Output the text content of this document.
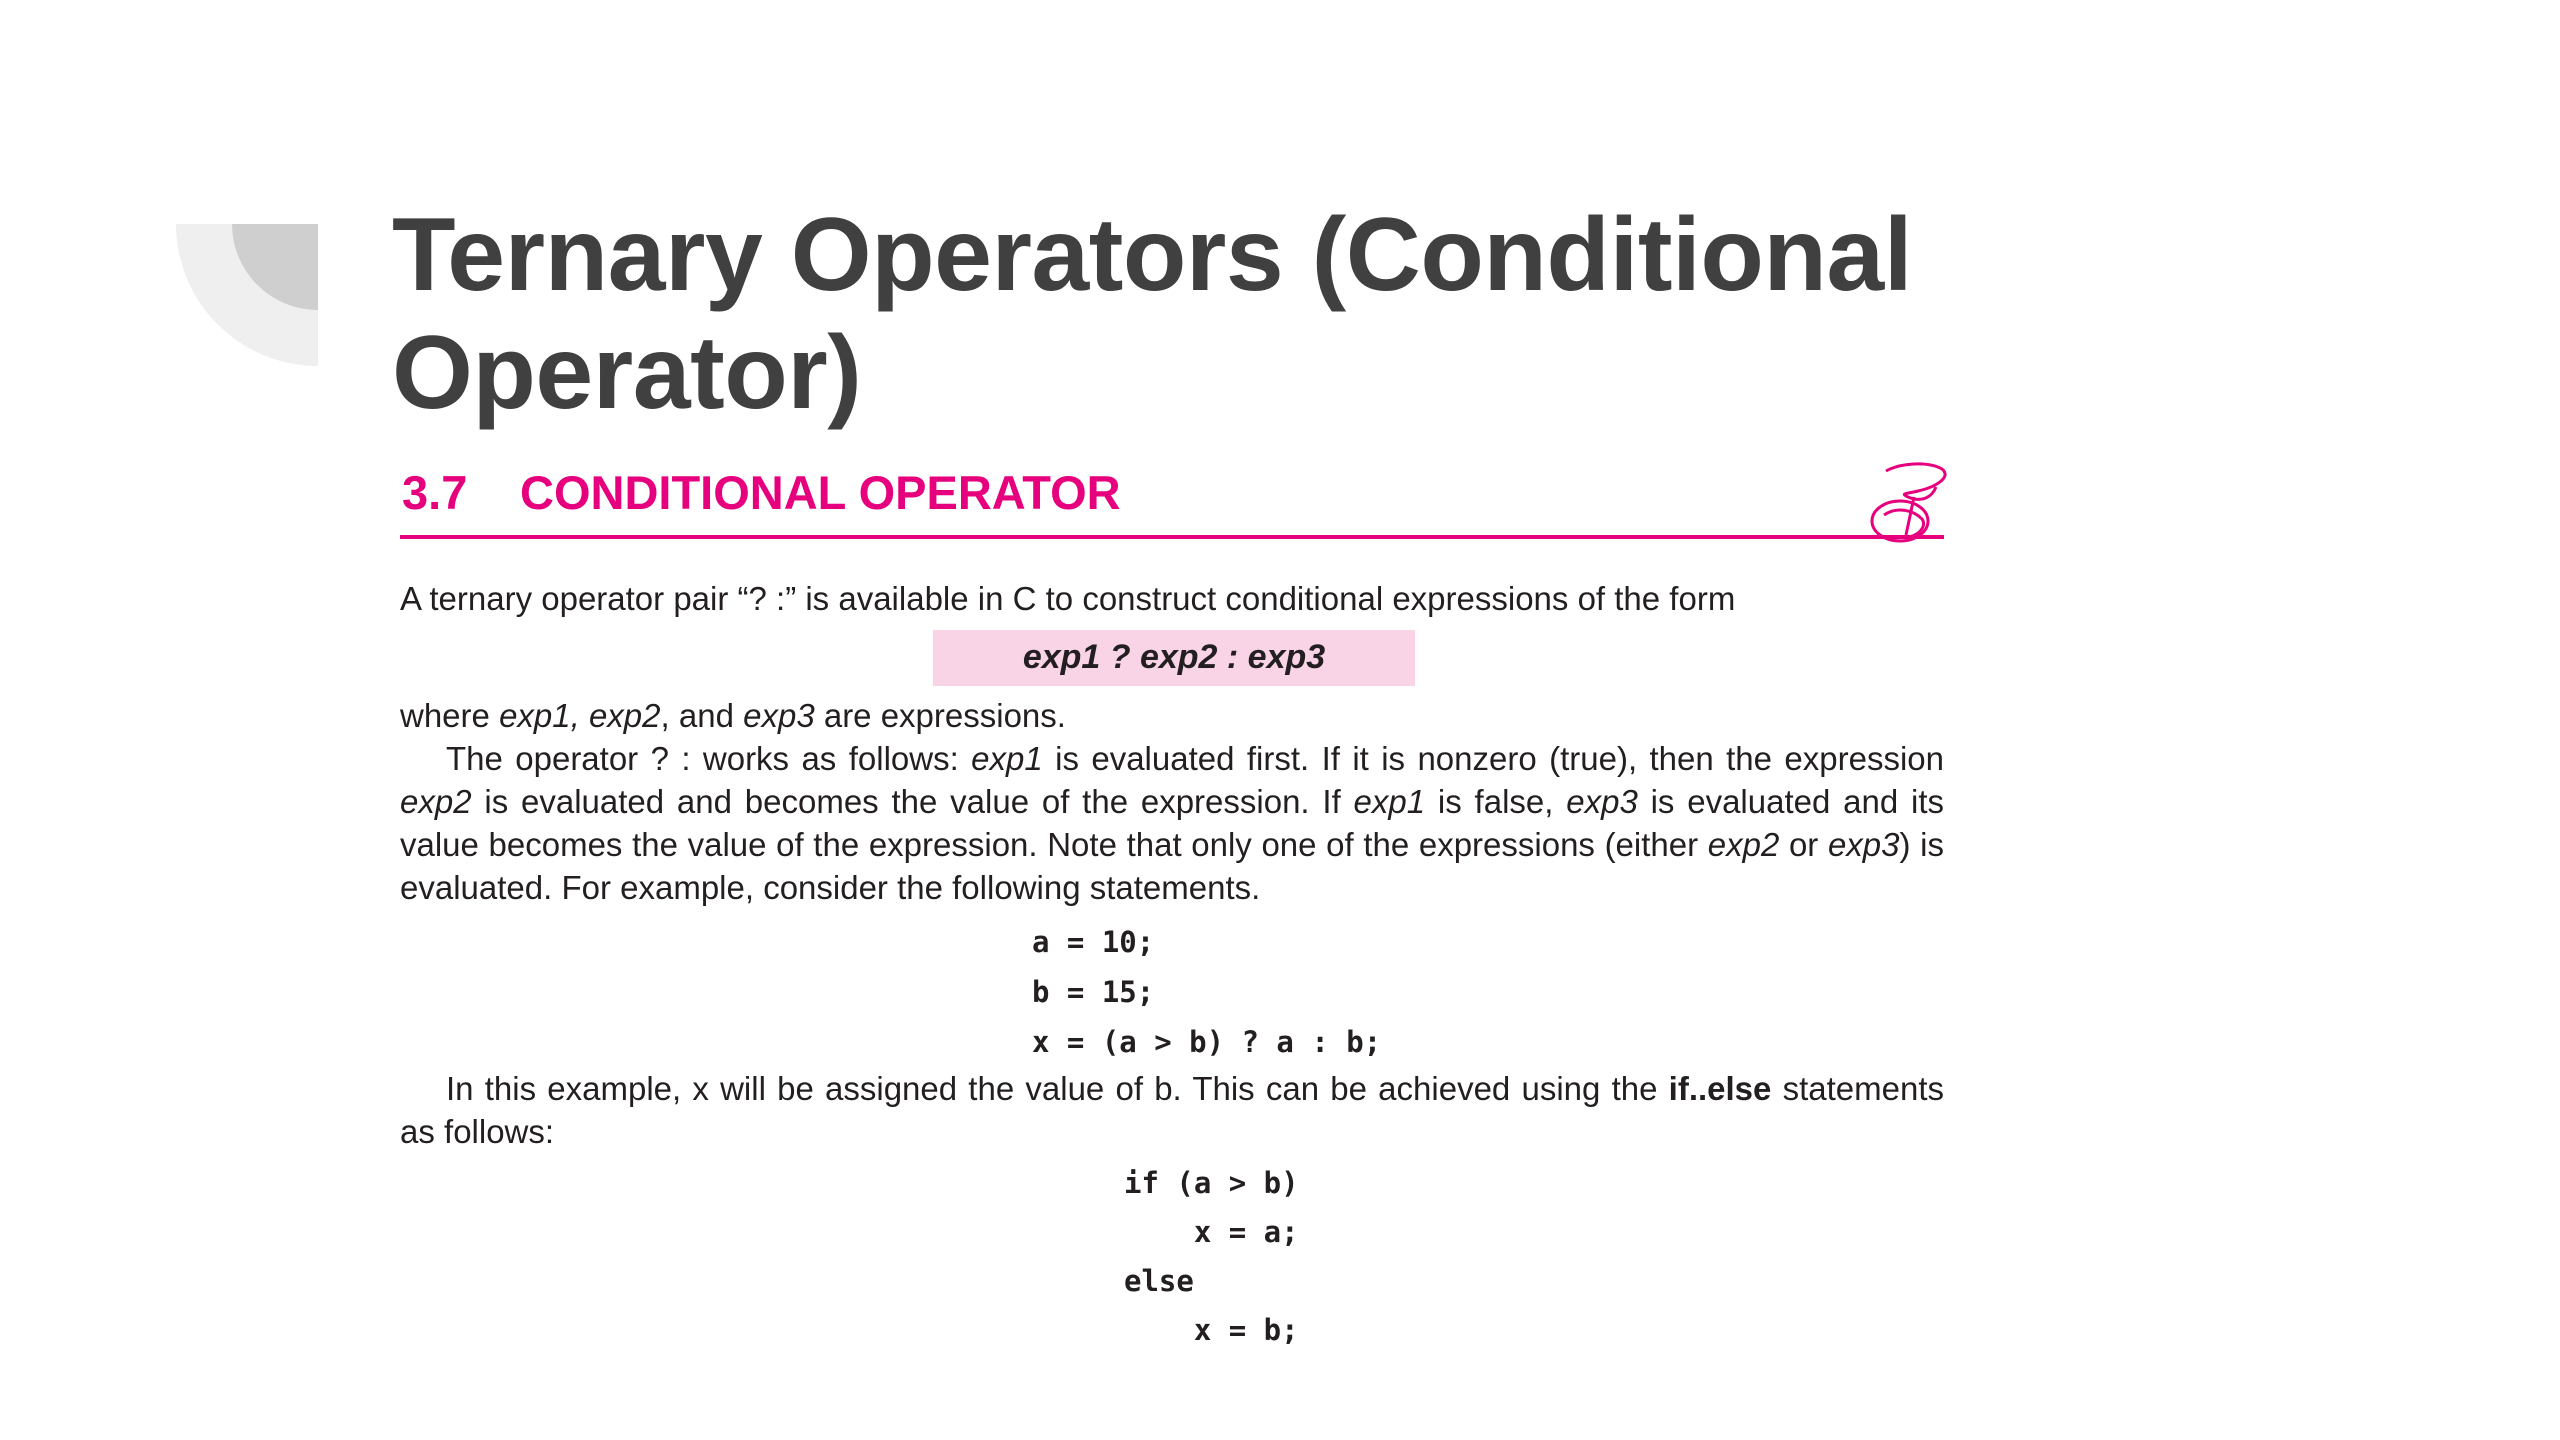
Ternary Operators (Conditional Operator)
3.7 CONDITIONAL OPERATOR

A ternary operator pair “? :” is available in C to construct conditional expressions of the form

exp1 ? exp2 : exp3

where exp1, exp2, and exp3 are expressions.

The operator ? : works as follows: exp1 is evaluated first. If it is nonzero (true), then the expression exp2 is evaluated and becomes the value of the expression. If exp1 is false, exp3 is evaluated and its value becomes the value of the expression. Note that only one of the expressions (either exp2 or exp3) is evaluated. For example, consider the following statements.

a = 10;
b = 15;
x = (a > b) ? a : b;

In this example, x will be assigned the value of b. This can be achieved using the if..else statements as follows:

if (a > b)
x = a;
else
x = b;
